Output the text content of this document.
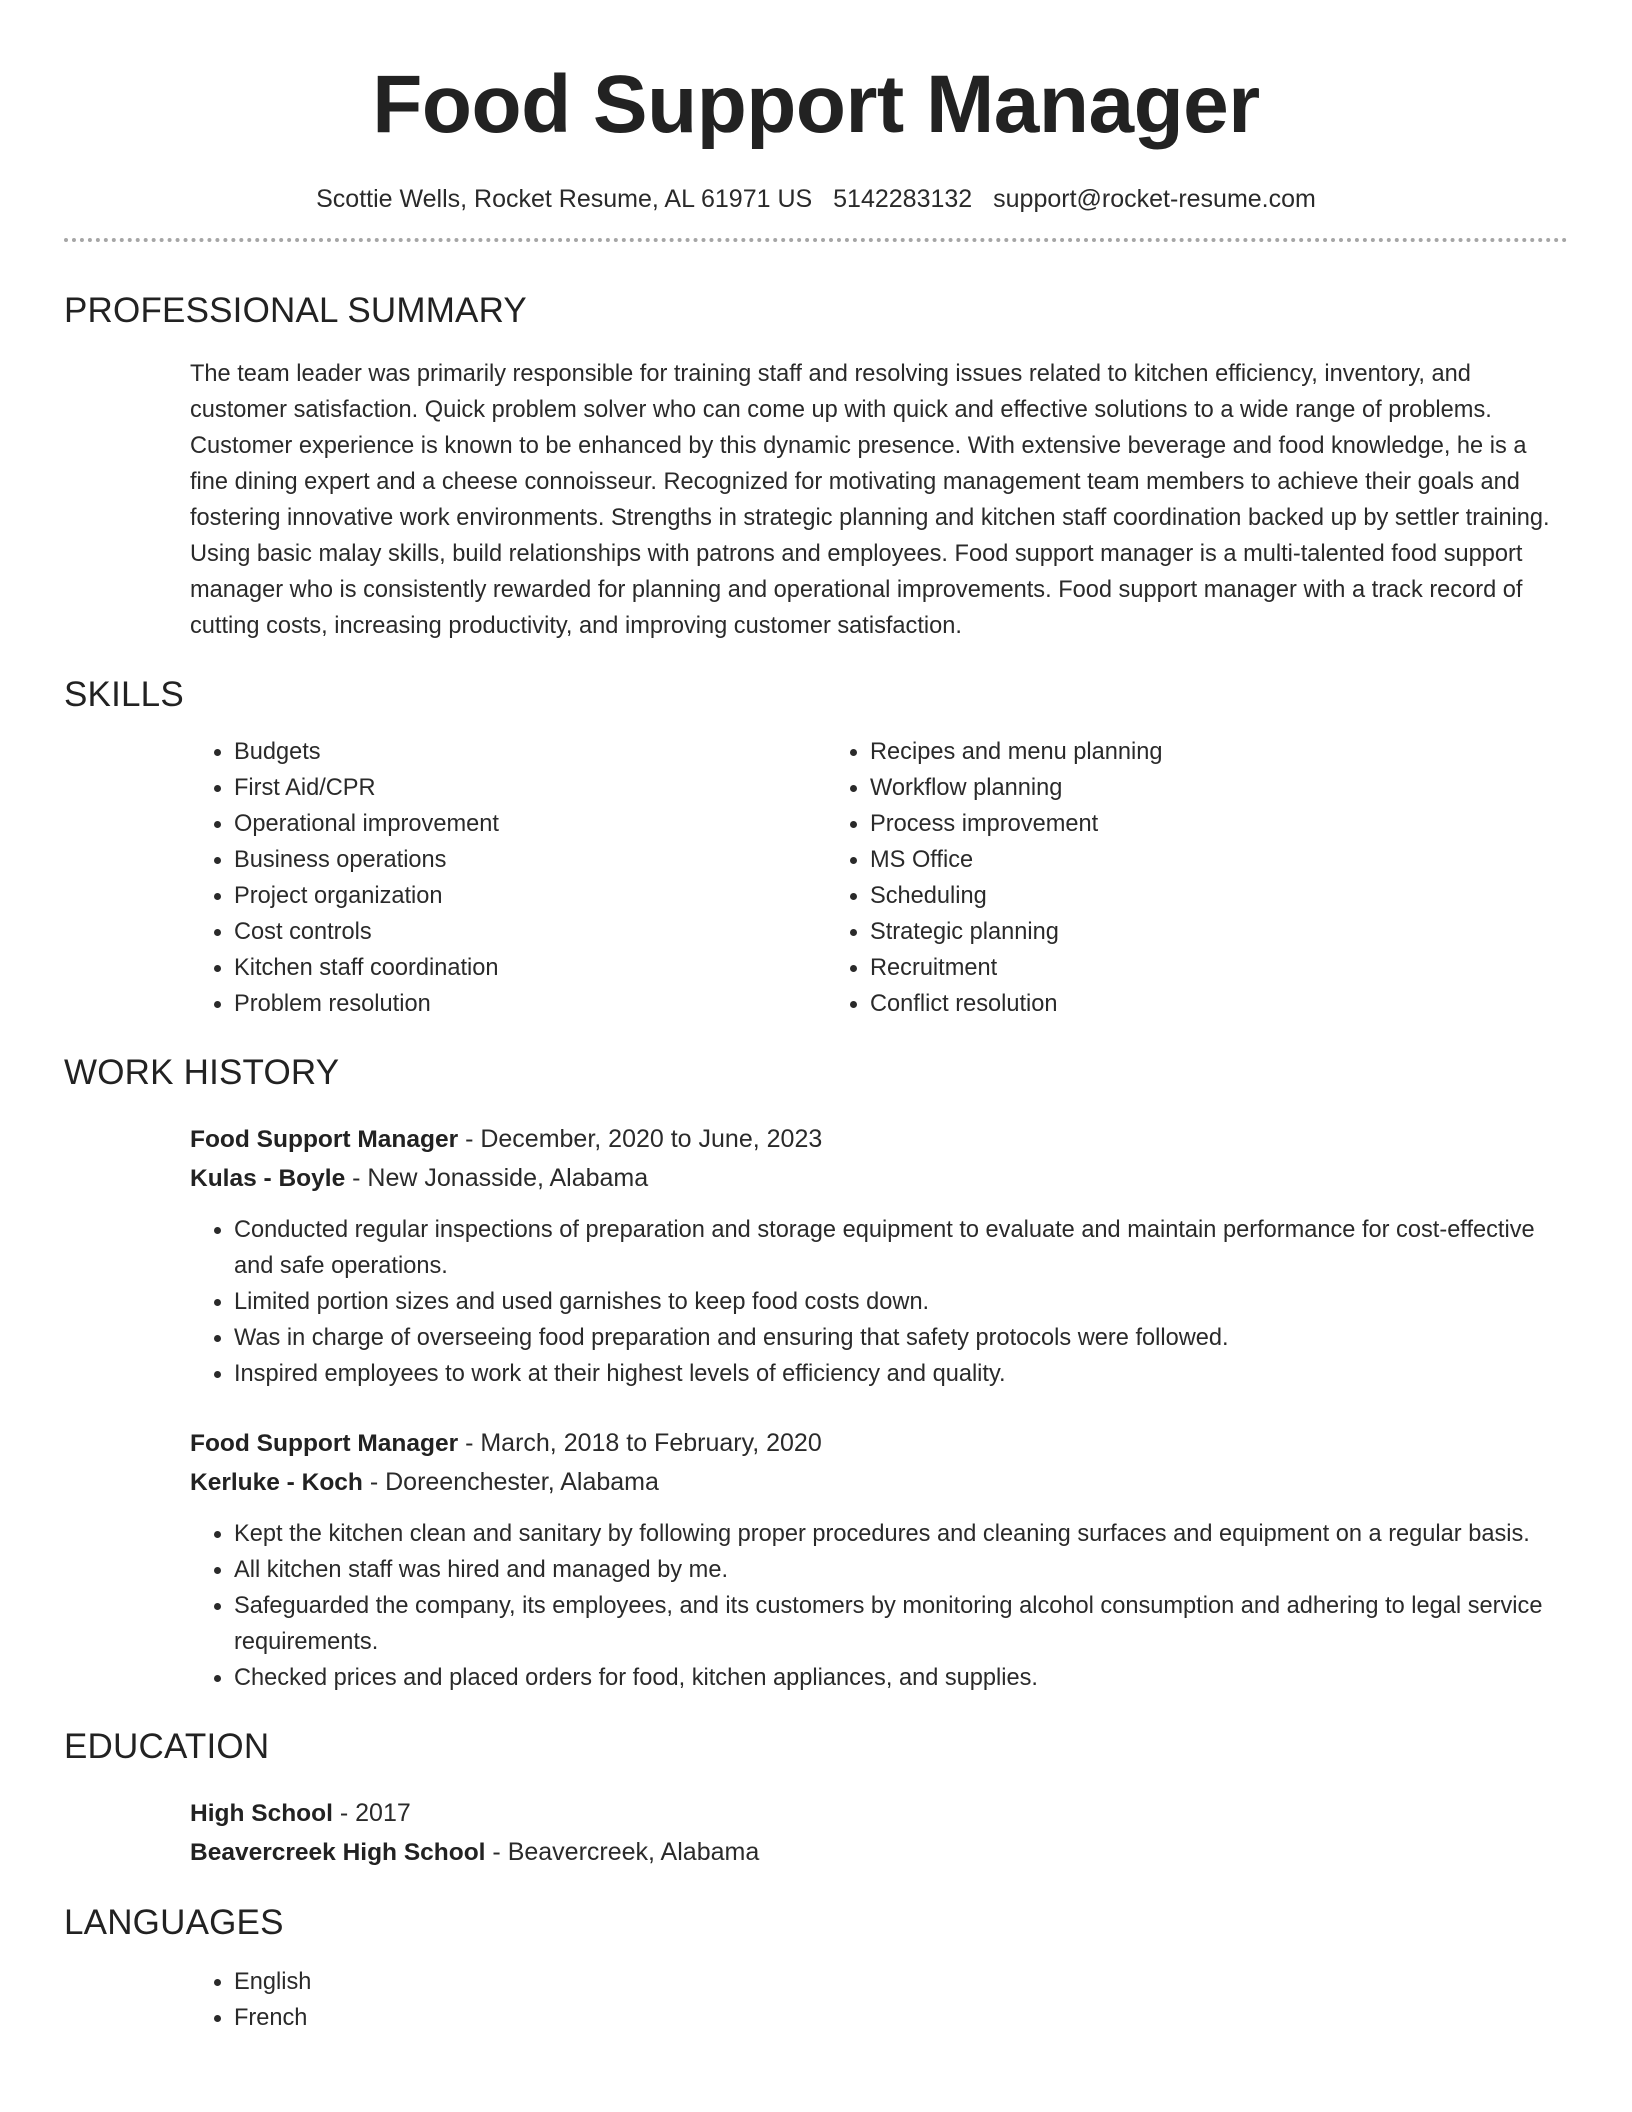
Food Support Manager
Scottie Wells, Rocket Resume, AL 61971 US 5142283132 support@rocket-resume.com
PROFESSIONAL SUMMARY

The team leader was primarily responsible for training staff and resolving issues related to kitchen efficiency, inventory, and customer satisfaction. Quick problem solver who can come up with quick and effective solutions to a wide range of problems. Customer experience is known to be enhanced by this dynamic presence. With extensive beverage and food knowledge, he is a fine dining expert and a cheese connoisseur. Recognized for motivating management team members to achieve their goals and fostering innovative work environments. Strengths in strategic planning and kitchen staff coordination backed up by settler training. Using basic malay skills, build relationships with patrons and employees. Food support manager is a multi-talented food support manager who is consistently rewarded for planning and operational improvements. Food support manager with a track record of cutting costs, increasing productivity, and improving customer satisfaction.

SKILLS
• Budgets
• First Aid/CPR
• Operational improvement
• Business operations
• Project organization
• Cost controls
• Kitchen staff coordination
• Problem resolution
• Recipes and menu planning
• Workflow planning
• Process improvement
• MS Office
• Scheduling
• Strategic planning
• Recruitment
• Conflict resolution
WORK HISTORY
Food Support Manager - December, 2020 to June, 2023
Kulas - Boyle - New Jonasside, Alabama
• Conducted regular inspections of preparation and storage equipment to evaluate and maintain performance for cost-effective and safe operations.
• Limited portion sizes and used garnishes to keep food costs down.
• Was in charge of overseeing food preparation and ensuring that safety protocols were followed.
• Inspired employees to work at their highest levels of efficiency and quality.
Food Support Manager - March, 2018 to February, 2020
Kerluke - Koch - Doreenchester, Alabama
• Kept the kitchen clean and sanitary by following proper procedures and cleaning surfaces and equipment on a regular basis.
• All kitchen staff was hired and managed by me.
• Safeguarded the company, its employees, and its customers by monitoring alcohol consumption and adhering to legal service requirements.
• Checked prices and placed orders for food, kitchen appliances, and supplies.
EDUCATION
High School - 2017
Beavercreek High School - Beavercreek, Alabama
LANGUAGES
• English
• French
